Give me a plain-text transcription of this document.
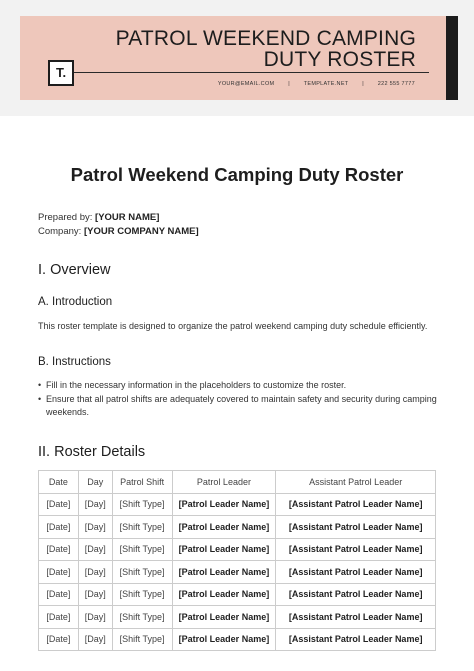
PATROL WEEKEND CAMPING
DUTY ROSTER
T.
YOUR@EMAIL.COM	| TEMPLATE.NET	|	222 555 7777
Patrol Weekend Camping Duty Roster
Prepared by: [YOUR NAME]
Company: [YOUR COMPANY NAME]
I. Overview
A. Introduction
This roster template is designed to organize the patrol weekend camping duty schedule efficiently.
B. Instructions
• Fill in the necessary information in the placeholders to customize the roster.
• Ensure that all patrol shifts are adequately covered to maintain safety and security during camping weekends.
II. Roster Details
Date	Day	Patrol Shift	Patrol Leader	Assistant Patrol Leader
[Date]	[Day]	[Shift Type]	[Patrol Leader Name]	[Assistant Patrol Leader Name]
[Date]	[Day]	[Shift Type]	[Patrol Leader Name]	[Assistant Patrol Leader Name]
[Date]	[Day]	[Shift Type]	[Patrol Leader Name]	[Assistant Patrol Leader Name]
[Date]	[Day]	[Shift Type]	[Patrol Leader Name]	[Assistant Patrol Leader Name]
[Date]	[Day]	[Shift Type]	[Patrol Leader Name]	[Assistant Patrol Leader Name]
[Date]	[Day]	[Shift Type]	[Patrol Leader Name]	[Assistant Patrol Leader Name]
[Date]	[Day]	[Shift Type]	[Patrol Leader Name]	[Assistant Patrol Leader Name]
